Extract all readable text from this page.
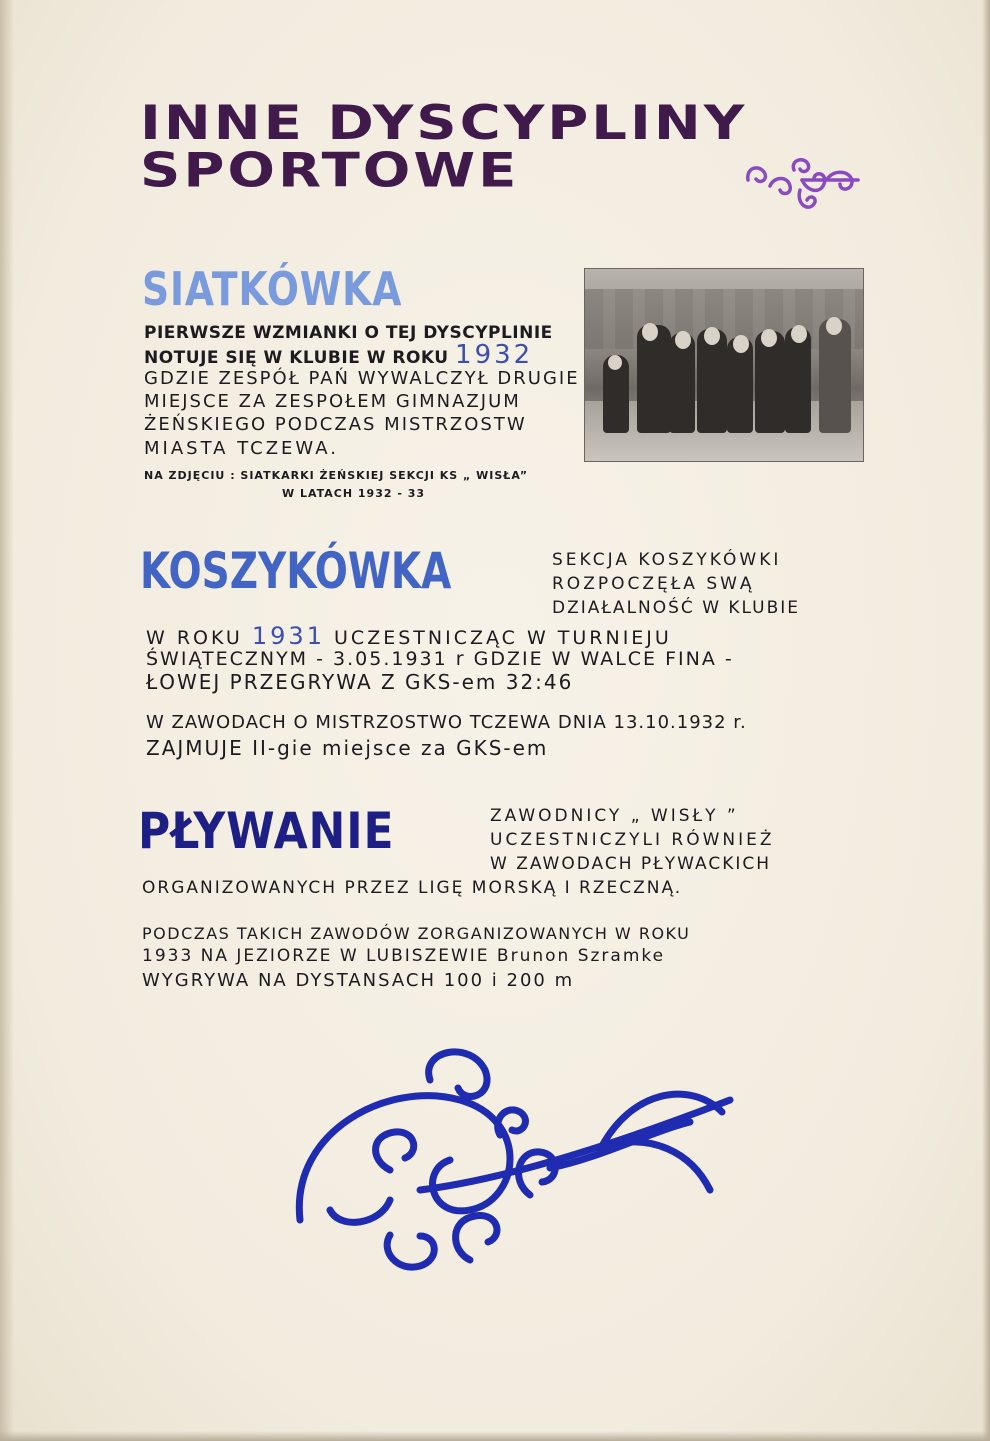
INNE DYSCYPLINY
SPORTOWE
SIATKÓWKA
PIERWSZE WZMIANKI O TEJ DYSCYPLINIE
NOTUJE SIĘ W KLUBIE W ROKU 1932
GDZIE ZESPÓŁ PAŃ WYWALCZYŁ DRUGIE
MIEJSCE ZA ZESPOŁEM GIMNAZJUM
ŻEŃSKIEGO PODCZAS MISTRZOSTW
MIASTA TCZEWA.
NA ZDJĘCIU : SIATKARKI ŻEŃSKIEJ SEKCJI KS „ WISŁA”
W LATACH 1932 - 33
KOSZYKÓWKA	SEKCJA KOSZYKÓWKI
ROZPOCZĘŁA SWĄ
DZIAŁALNOŚĆ W KLUBIE
W ROKU 1931 UCZESTNICZĄC W TURNIEJU
ŚWIĄTECZNYM - 3.05.1931 r GDZIE W WALCE FINA -
ŁOWEJ PRZEGRYWA Z GKS-em 32:46
W ZAWODACH O MISTRZOSTWO TCZEWA DNIA 13.10.1932 r.
ZAJMUJE II-gie miejsce za GKS-em
PŁYWANIE	ZAWODNICY „ WISŁY ”
UCZESTNICZYLI RÓWNIEŻ
W ZAWODACH PŁYWACKICH
ORGANIZOWANYCH PRZEZ LIGĘ MORSKĄ I RZECZNĄ.
PODCZAS TAKICH ZAWODÓW ZORGANIZOWANYCH W ROKU
1933 NA JEZIORZE W LUBISZEWIE Brunon Szramke
WYGRYWA NA DYSTANSACH 100 i 200 m
